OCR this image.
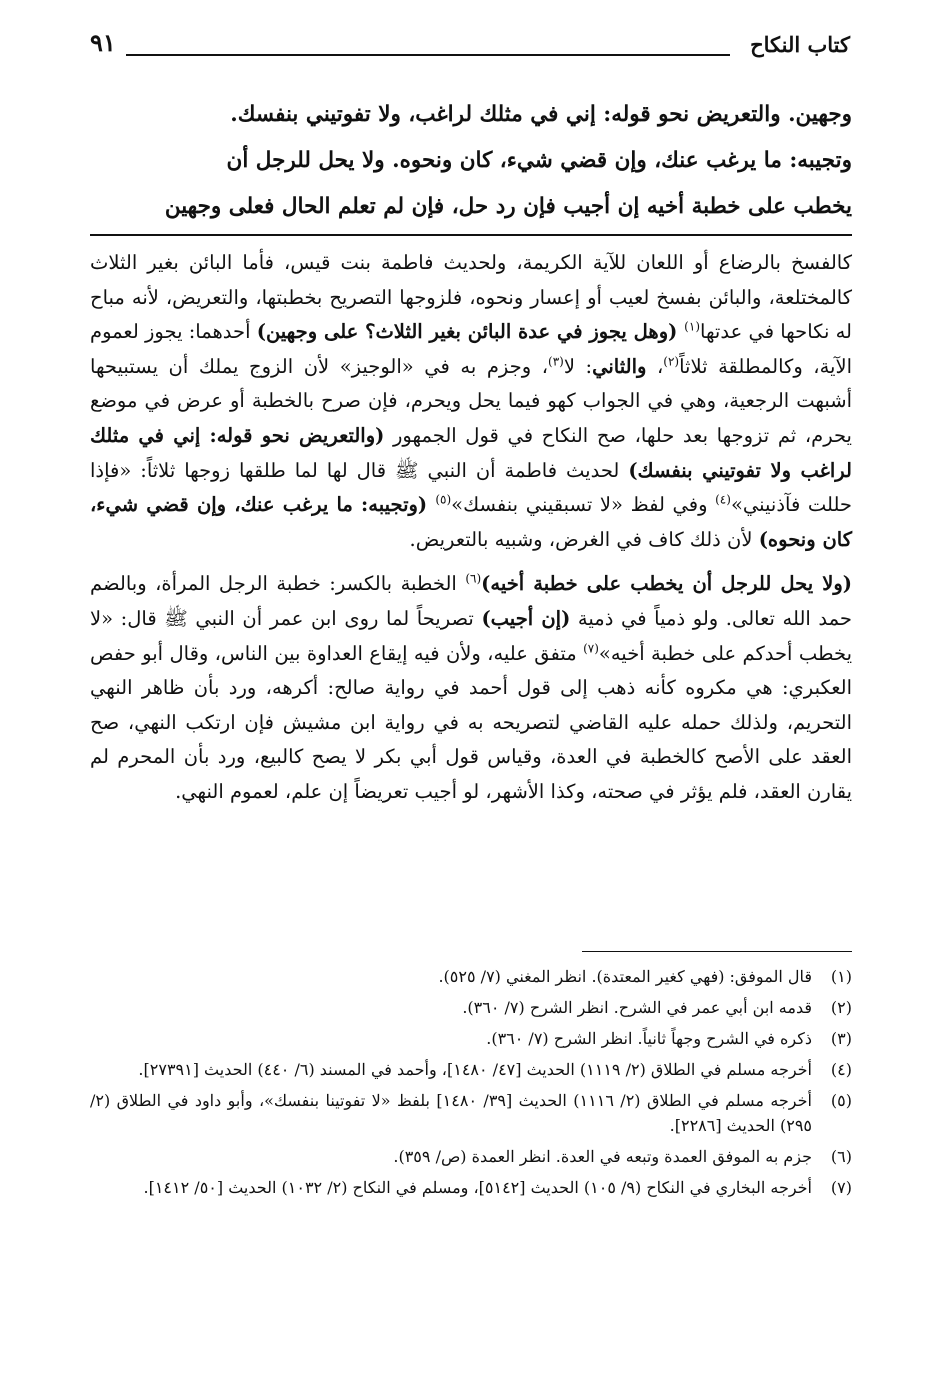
كتاب النكاح
٩١
وجهين. والتعريض نحو قوله: إني في مثلك لراغب، ولا تفوتيني بنفسك.
وتجيبه: ما يرغب عنك، وإن قضي شيء، كان ونحوه. ولا يحل للرجل أن
يخطب على خطبة أخيه إن أجيب فإن رد حل، فإن لم تعلم الحال فعلى وجهين

كالفسخ بالرضاع أو اللعان للآية الكريمة، ولحديث فاطمة بنت قيس، فأما البائن بغير الثلاث كالمختلعة، والبائن بفسخ لعيب أو إعسار ونحوه، فلزوجها التصريح بخطبتها، والتعريض، لأنه مباح له نكاحها في عدتها$^{(١)}$ (وهل يجوز في عدة البائن بغير الثلاث؟ على وجهين) أحدهما: يجوز لعموم الآية، وكالمطلقة ثلاثاً$^{(٢)}$، والثاني: لا$^{(٣)}$، وجزم به في «الوجيز» لأن الزوج يملك أن يستبيحها أشبهت الرجعية، وهي في الجواب كهو فيما يحل ويحرم، فإن صرح بالخطبة أو عرض في موضع يحرم، ثم تزوجها بعد حلها، صح النكاح في قول الجمهور (والتعريض نحو قوله: إني في مثلك لراغب ولا تفوتيني بنفسك) لحديث فاطمة أن النبي ﷺ قال لها لما طلقها زوجها ثلاثاً: «فإذا حللت فآذنيني»$^{(٤)}$ وفي لفظ «لا تسبقيني بنفسك»$^{(٥)}$ (وتجيبه: ما يرغب عنك، وإن قضي شيء، كان ونحوه) لأن ذلك كاف في الغرض، وشبيه بالتعريض.

(ولا يحل للرجل أن يخطب على خطبة أخيه)$^{(٦)}$ الخطبة بالكسر: خطبة الرجل المرأة، وبالضم حمد الله تعالى. ولو ذمياً في ذمية (إن أجيب) تصريحاً لما روى ابن عمر أن النبي ﷺ قال: «لا يخطب أحدكم على خطبة أخيه»$^{(٧)}$ متفق عليه، ولأن فيه إيقاع العداوة بين الناس، وقال أبو حفص العكبري: هي مكروه كأنه ذهب إلى قول أحمد في رواية صالح: أكرهه، ورد بأن ظاهر النهي التحريم، ولذلك حمله عليه القاضي لتصريحه به في رواية ابن مشيش فإن ارتكب النهي، صح العقد على الأصح كالخطبة في العدة، وقياس قول أبي بكر لا يصح كالبيع، ورد بأن المحرم لم يقارن العقد، فلم يؤثر في صحته، وكذا الأشهر، لو أجيب تعريضاً إن علم، لعموم النهي.

(١)
قال الموفق: (فهي كغير المعتدة). انظر المغني (٧/ ٥٢٥).
(٢)
قدمه ابن أبي عمر في الشرح. انظر الشرح (٧/ ٣٦٠).
(٣)
ذكره في الشرح وجهاً ثانياً. انظر الشرح (٧/ ٣٦٠).
(٤)
أخرجه مسلم في الطلاق (٢/ ١١١٩) الحديث [٤٧/ ١٤٨٠]، وأحمد في المسند (٦/ ٤٤٠) الحديث [٢٧٣٩١].
(٥)
أخرجه مسلم في الطلاق (٢/ ١١١٦) الحديث [٣٩/ ١٤٨٠] بلفظ «لا تفوتينا بنفسك»، وأبو داود في الطلاق (٢/ ٢٩٥) الحديث [٢٢٨٦].
(٦)
جزم به الموفق العمدة وتبعه في العدة. انظر العمدة (ص/ ٣٥٩).
(٧)
أخرجه البخاري في النكاح (٩/ ١٠٥) الحديث [٥١٤٢]، ومسلم في النكاح (٢/ ١٠٣٢) الحديث [٥٠/ ١٤١٢].
